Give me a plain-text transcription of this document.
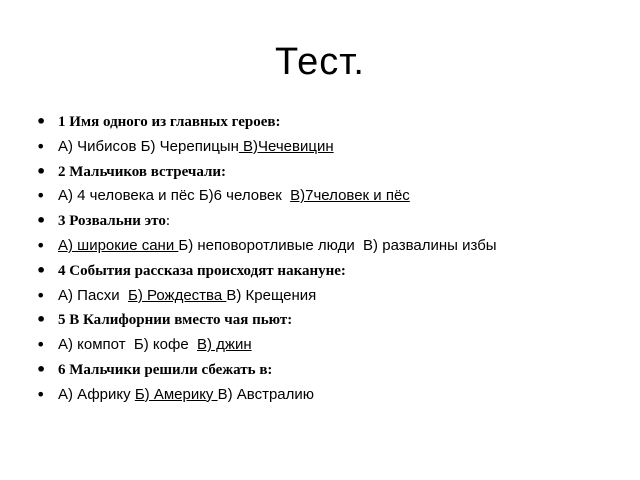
Тест.
• 1 Имя одного из главных героев:
• А) Чибисов Б) Черепицын В)Чечевицин
• 2 Мальчиков встречали:
• А) 4 человека и пёс Б)6 человек  В)7человек и пёс
• 3 Розвальни это:
• А) широкие сани Б) неповоротливые люди  В) развалины избы
• 4 События рассказа происходят накануне:
• А) Пасхи  Б) Рождества В) Крещения
• 5 В Калифорнии вместо чая пьют:
• А) компот  Б) кофе  В) джин
• 6 Мальчики решили сбежать в:
• А) Африку Б) Америку В) Австралию
